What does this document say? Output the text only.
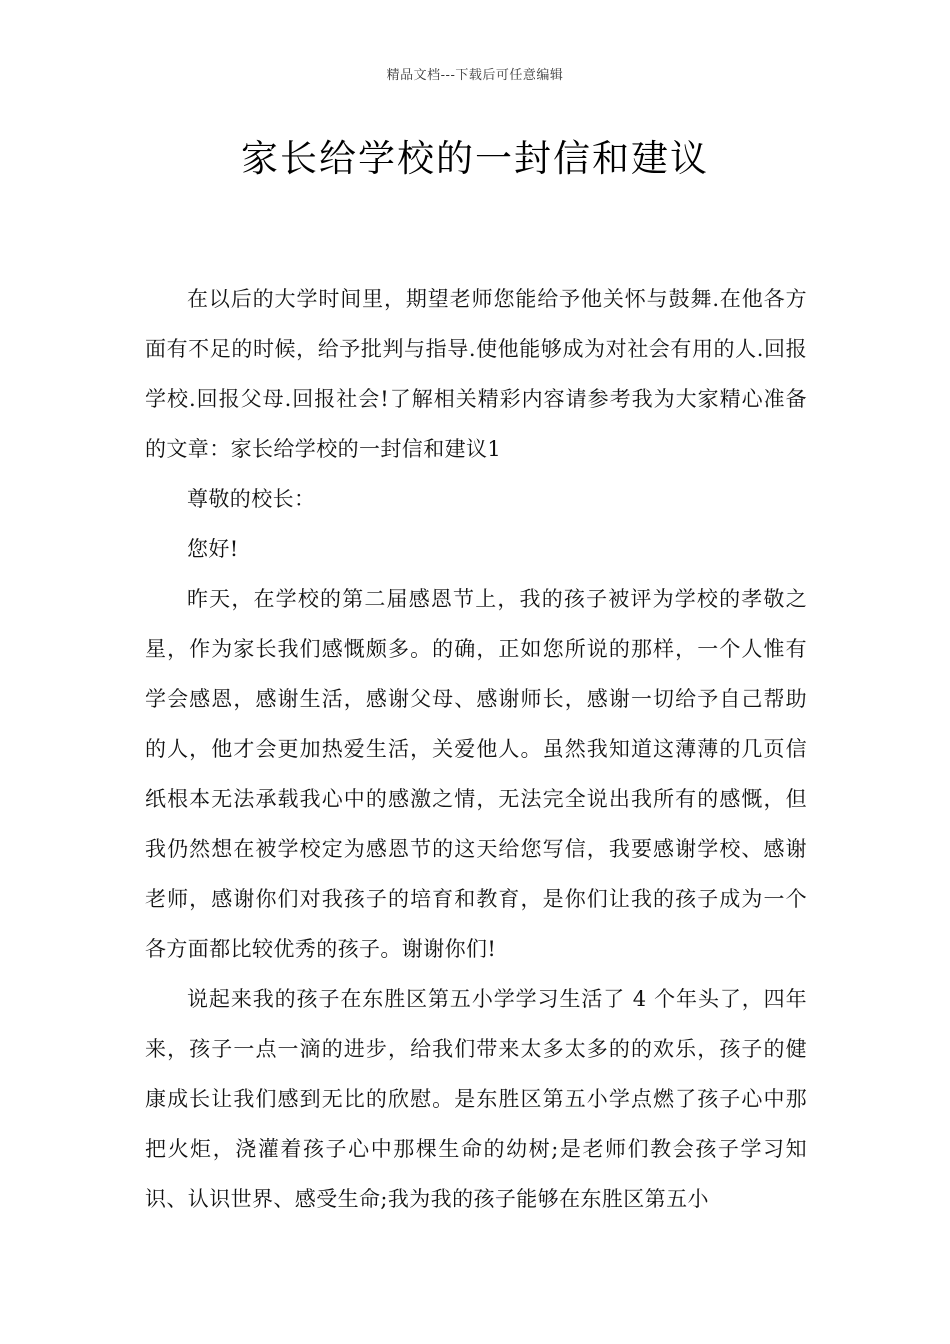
精品文档---下载后可任意编辑
家长给学校的一封信和建议

在以后的大学时间里，期望老师您能给予他关怀与鼓舞.在他各方面有不足的时候，给予批判与指导.使他能够成为对社会有用的人.回报学校.回报父母.回报社会!了解相关精彩内容请参考我为大家精心准备的文章：家长给学校的一封信和建议1

尊敬的校长：

您好!

昨天，在学校的第二届感恩节上，我的孩子被评为学校的孝敬之星，作为家长我们感慨颇多。的确，正如您所说的那样，一个人惟有学会感恩，感谢生活，感谢父母、感谢师长，感谢一切给予自己帮助的人，他才会更加热爱生活，关爱他人。虽然我知道这薄薄的几页信纸根本无法承载我心中的感激之情，无法完全说出我所有的感慨，但我仍然想在被学校定为感恩节的这天给您写信，我要感谢学校、感谢老师，感谢你们对我孩子的培育和教育，是你们让我的孩子成为一个各方面都比较优秀的孩子。谢谢你们!

说起来我的孩子在东胜区第五小学学习生活了 4 个年头了，四年来，孩子一点一滴的进步，给我们带来太多太多的的欢乐，孩子的健康成长让我们感到无比的欣慰。是东胜区第五小学点燃了孩子心中那把火炬，浇灌着孩子心中那棵生命的幼树;是老师们教会孩子学习知识、认识世界、感受生命;我为我的孩子能够在东胜区第五小
